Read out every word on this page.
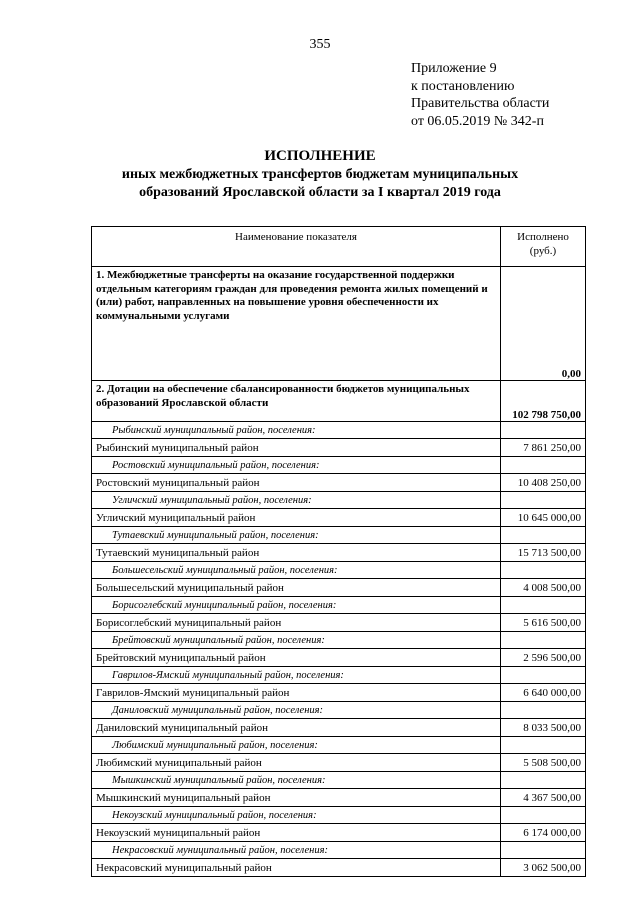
355
Приложение 9
к постановлению
Правительства области
от 06.05.2019 № 342-п
ИСПОЛНЕНИЕ
иных межбюджетных трансфертов бюджетам муниципальных
образований Ярославской области за I квартал 2019 года
Наименование показателя	Исполнено (руб.)
1. Межбюджетные трансферты на оказание государственной поддержки отдельным категориям граждан для проведения ремонта жилых помещений и (или) работ, направленных на повышение уровня обеспеченности их коммунальными услугами	0,00
2. Дотации на обеспечение сбалансированности бюджетов муниципальных образований Ярославской области	102 798 750,00
Рыбинский муниципальный район, поселения:	
Рыбинский муниципальный район	7 861 250,00
Ростовский муниципальный район, поселения:	
Ростовский муниципальный район	10 408 250,00
Угличский муниципальный район, поселения:	
Угличский муниципальный район	10 645 000,00
Тутаевский муниципальный район, поселения:	
Тутаевский муниципальный район	15 713 500,00
Большесельский муниципальный район, поселения:	
Большесельский муниципальный район	4 008 500,00
Борисоглебский муниципальный район, поселения:	
Борисоглебский муниципальный район	5 616 500,00
Брейтовский муниципальный район, поселения:	
Брейтовский муниципальный район	2 596 500,00
Гаврилов-Ямский муниципальный район, поселения:	
Гаврилов-Ямский муниципальный район	6 640 000,00
Даниловский муниципальный район, поселения:	
Даниловский муниципальный район	8 033 500,00
Любимский муниципальный район, поселения:	
Любимский муниципальный район	5 508 500,00
Мышкинский муниципальный район, поселения:	
Мышкинский муниципальный район	4 367 500,00
Некоузский муниципальный район, поселения:	
Некоузский муниципальный район	6 174 000,00
Некрасовский муниципальный район, поселения:	
Некрасовский муниципальный район	3 062 500,00
